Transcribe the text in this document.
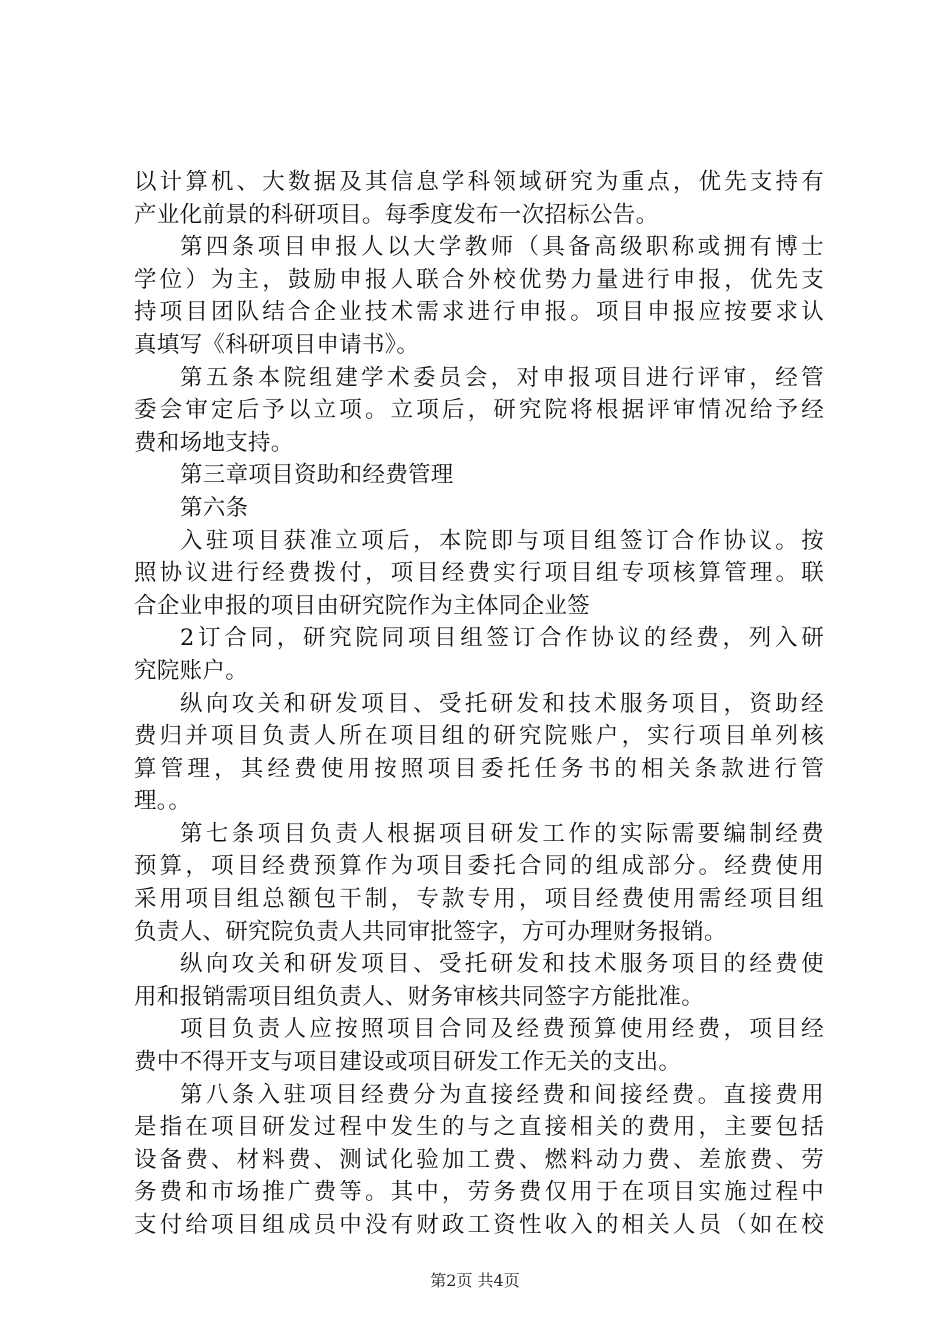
以计算机、大数据及其信息学科领域研究为重点，优先支持有
产业化前景的科研项目。每季度发布一次招标公告。
第四条项目申报人以大学教师（具备高级职称或拥有博士
学位）为主，鼓励申报人联合外校优势力量进行申报，优先支
持项目团队结合企业技术需求进行申报。项目申报应按要求认
真填写《科研项目申请书》。
第五条本院组建学术委员会，对申报项目进行评审，经管
委会审定后予以立项。立项后，研究院将根据评审情况给予经
费和场地支持。
第三章项目资助和经费管理
第六条
入驻项目获准立项后，本院即与项目组签订合作协议。按
照协议进行经费拨付，项目经费实行项目组专项核算管理。联
合企业申报的项目由研究院作为主体同企业签
2订合同，研究院同项目组签订合作协议的经费，列入研
究院账户。
纵向攻关和研发项目、受托研发和技术服务项目，资助经
费归并项目负责人所在项目组的研究院账户，实行项目单列核
算管理，其经费使用按照项目委托任务书的相关条款进行管
理。。
第七条项目负责人根据项目研发工作的实际需要编制经费
预算，项目经费预算作为项目委托合同的组成部分。经费使用
采用项目组总额包干制，专款专用，项目经费使用需经项目组
负责人、研究院负责人共同审批签字，方可办理财务报销。
纵向攻关和研发项目、受托研发和技术服务项目的经费使
用和报销需项目组负责人、财务审核共同签字方能批准。
项目负责人应按照项目合同及经费预算使用经费，项目经
费中不得开支与项目建设或项目研发工作无关的支出。
第八条入驻项目经费分为直接经费和间接经费。直接费用
是指在项目研发过程中发生的与之直接相关的费用，主要包括
设备费、材料费、测试化验加工费、燃料动力费、差旅费、劳
务费和市场推广费等。其中，劳务费仅用于在项目实施过程中
支付给项目组成员中没有财政工资性收入的相关人员（如在校
第2页 共4页
